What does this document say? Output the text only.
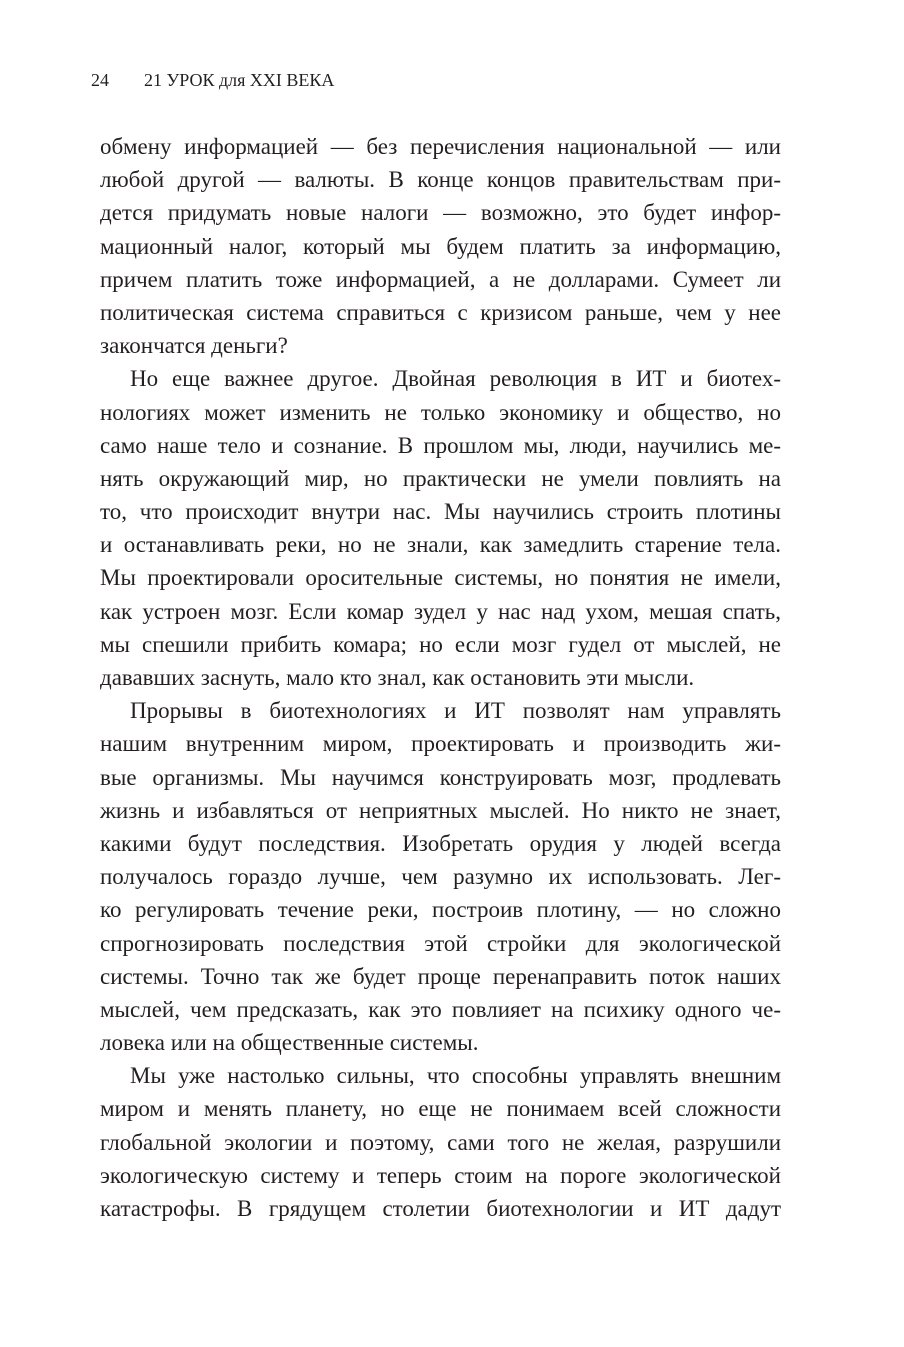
24 21 УРОК для XXI ВЕКА
обмену информацией — без перечисления национальной — или
любой другой — валюты. В конце концов правительствам при-
дется придумать новые налоги — возможно, это будет инфор-
мационный налог, который мы будем платить за информацию,
причем платить тоже информацией, а не долларами. Сумеет ли
политическая система справиться с кризисом раньше, чем у нее
закончатся деньги?
Но еще важнее другое. Двойная революция в ИТ и биотех-
нологиях может изменить не только экономику и общество, но
само наше тело и сознание. В прошлом мы, люди, научились ме-
нять окружающий мир, но практически не умели повлиять на
то, что происходит внутри нас. Мы научились строить плотины
и останавливать реки, но не знали, как замедлить старение тела.
Мы проектировали оросительные системы, но понятия не имели,
как устроен мозг. Если комар зудел у нас над ухом, мешая спать,
мы спешили прибить комара; но если мозг гудел от мыслей, не
дававших заснуть, мало кто знал, как остановить эти мысли.
Прорывы в биотехнологиях и ИТ позволят нам управлять
нашим внутренним миром, проектировать и производить жи-
вые организмы. Мы научимся конструировать мозг, продлевать
жизнь и избавляться от неприятных мыслей. Но никто не знает,
какими будут последствия. Изобретать орудия у людей всегда
получалось гораздо лучше, чем разумно их использовать. Лег-
ко регулировать течение реки, построив плотину, — но сложно
спрогнозировать последствия этой стройки для экологической
системы. Точно так же будет проще перенаправить поток наших
мыслей, чем предсказать, как это повлияет на психику одного че-
ловека или на общественные системы.
Мы уже настолько сильны, что способны управлять внешним
миром и менять планету, но еще не понимаем всей сложности
глобальной экологии и поэтому, сами того не желая, разрушили
экологическую систему и теперь стоим на пороге экологической
катастрофы. В грядущем столетии биотехнологии и ИТ дадут
